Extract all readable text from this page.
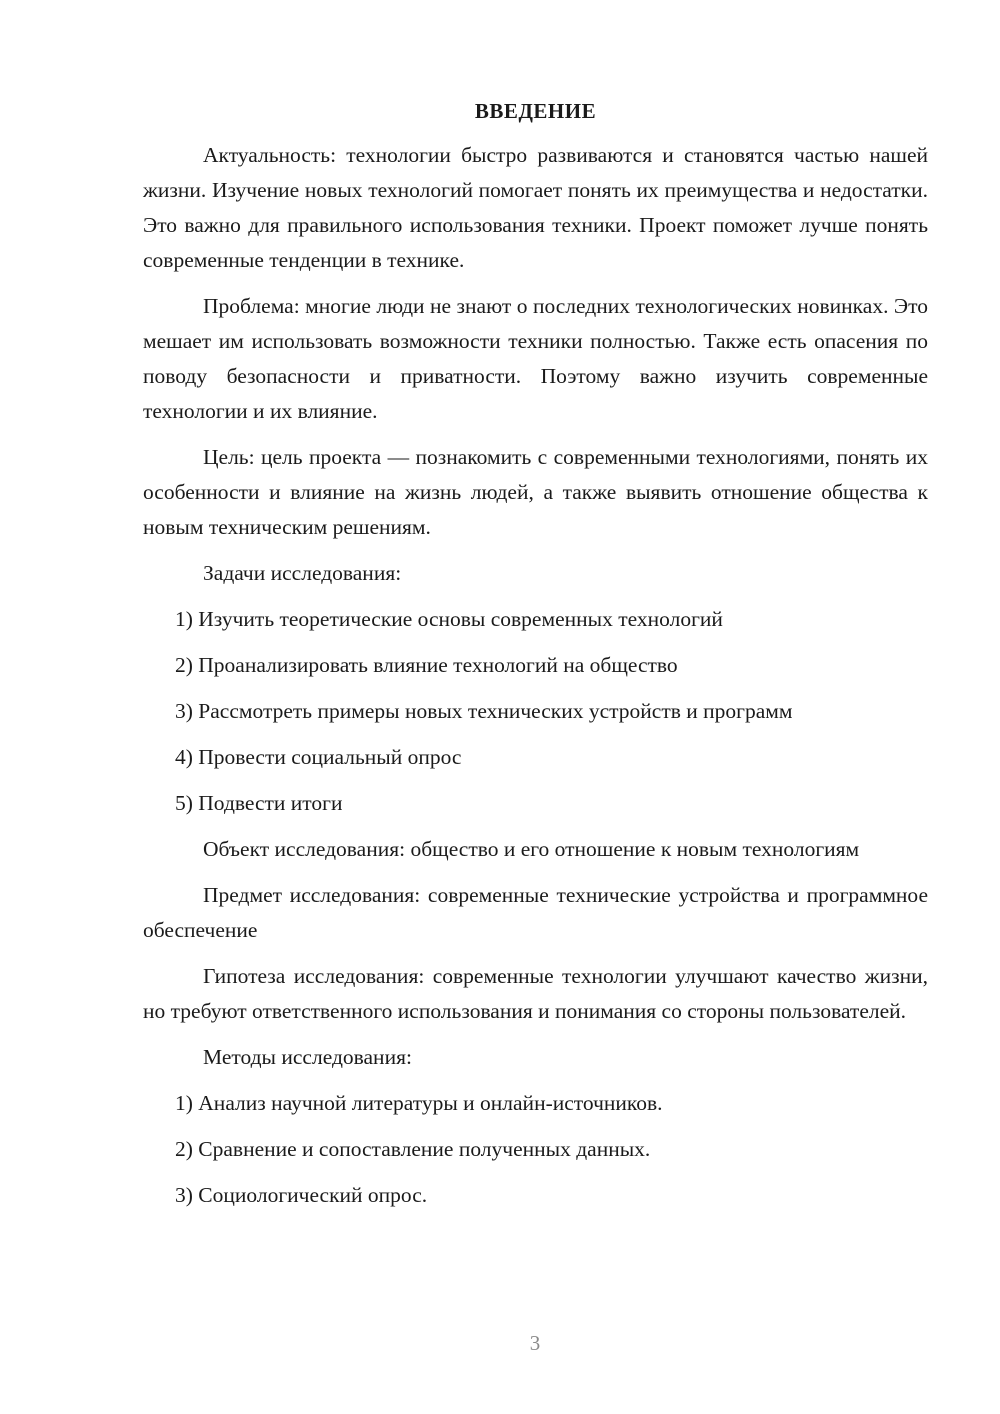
ВВЕДЕНИЕ

Актуальность: технологии быстро развиваются и становятся частью нашей жизни. Изучение новых технологий помогает понять их преимущества и недостатки. Это важно для правильного использования техники. Проект поможет лучше понять современные тенденции в технике.

Проблема: многие люди не знают о последних технологических новинках. Это мешает им использовать возможности техники полностью. Также есть опасения по поводу безопасности и приватности. Поэтому важно изучить современные технологии и их влияние.

Цель: цель проекта — познакомить с современными технологиями, понять их особенности и влияние на жизнь людей, а также выявить отношение общества к новым техническим решениям.

Задачи исследования:

1) Изучить теоретические основы современных технологий
2) Проанализировать влияние технологий на общество
3) Рассмотреть примеры новых технических устройств и программ
4) Провести социальный опрос
5) Подвести итоги

Объект исследования: общество и его отношение к новым технологиям

Предмет исследования: современные технические устройства и программное обеспечение

Гипотеза исследования: современные технологии улучшают качество жизни, но требуют ответственного использования и понимания со стороны пользователей.

Методы исследования:

1) Анализ научной литературы и онлайн-источников.
2) Сравнение и сопоставление полученных данных.
3) Социологический опрос.
3
